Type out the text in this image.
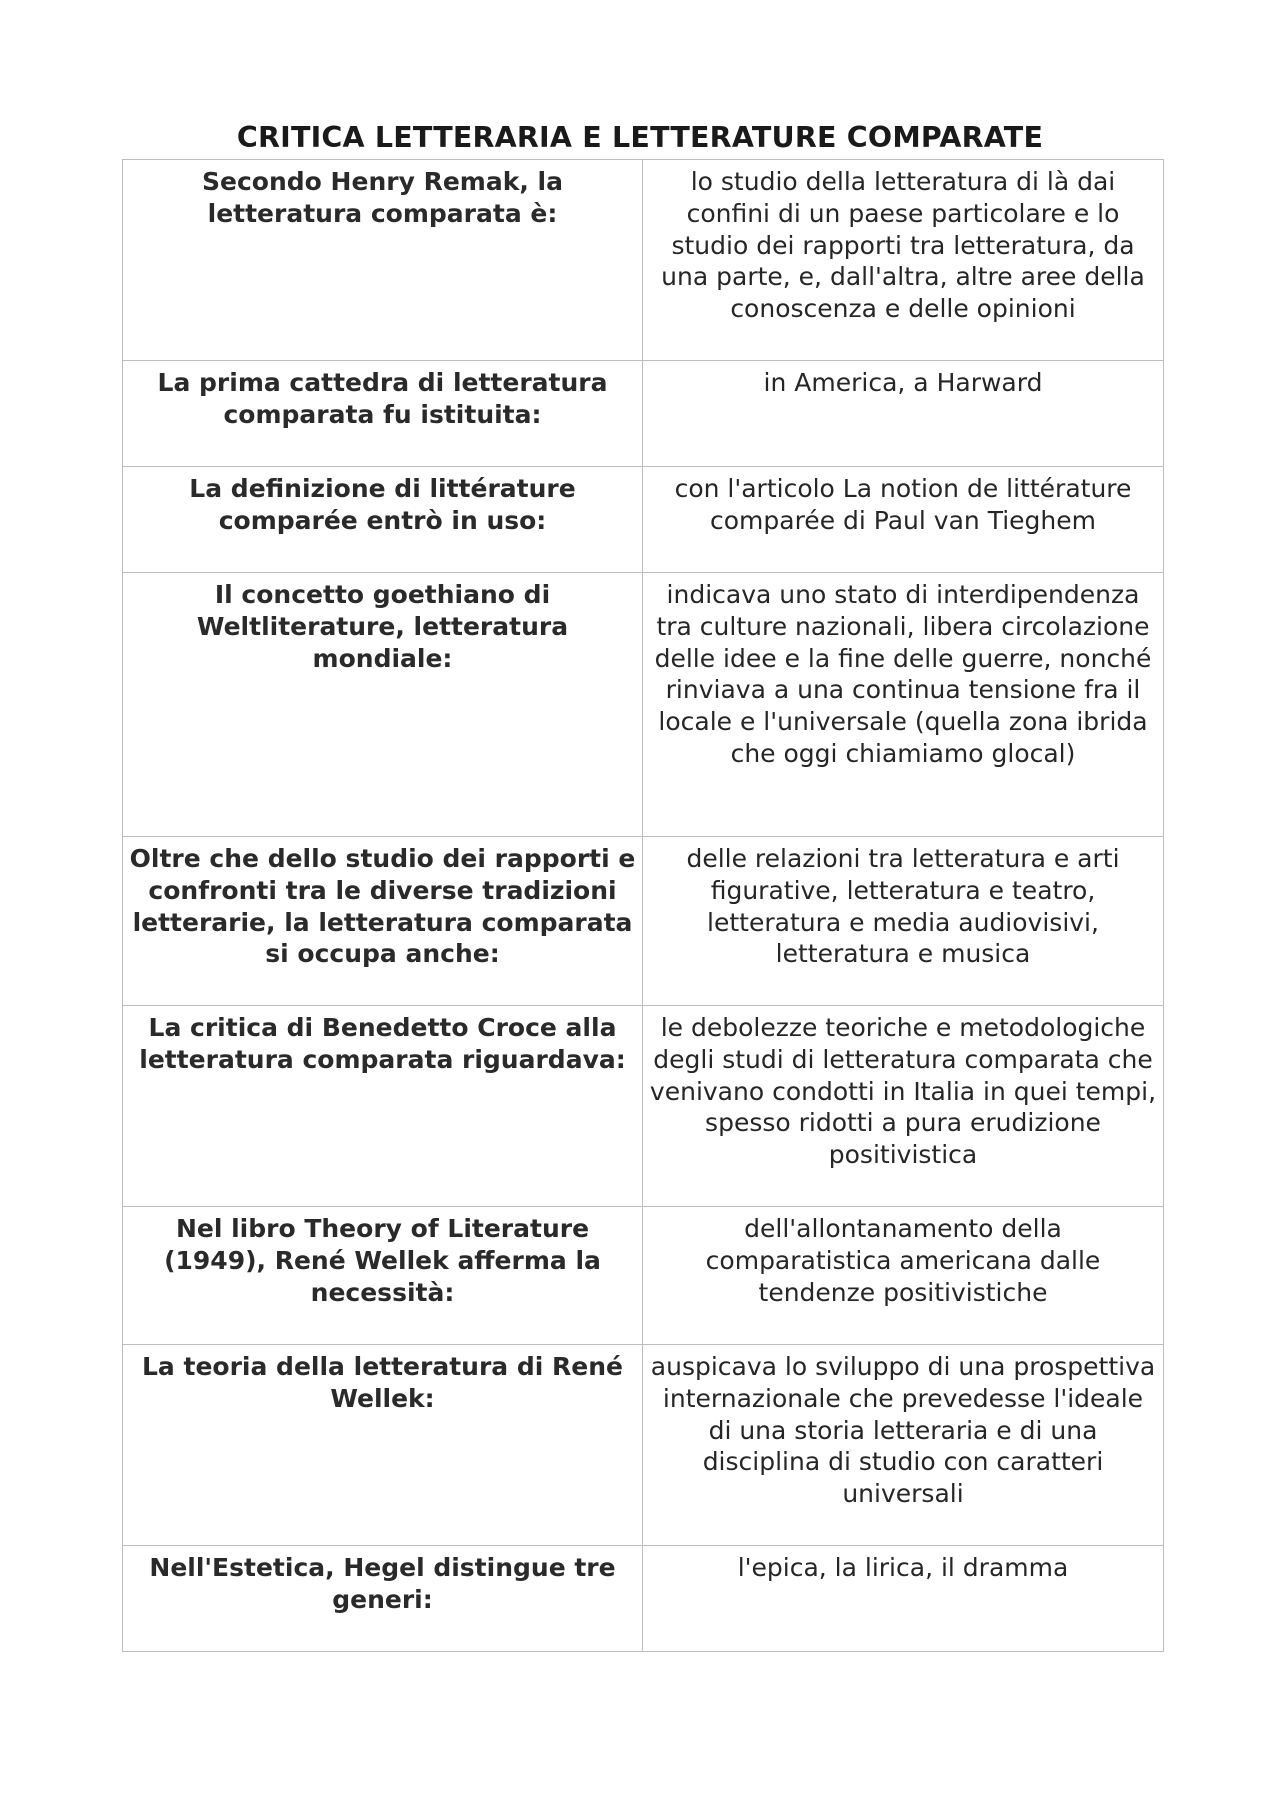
CRITICA LETTERARIA E LETTERATURE COMPARATE
Secondo Henry Remak, la letteratura comparata è:	lo studio della letteratura di là dai confini di un paese particolare e lo studio dei rapporti tra letteratura, da una parte, e, dall'altra, altre aree della conoscenza e delle opinioni
La prima cattedra di letteratura comparata fu istituita:	in America, a Harward
La definizione di littérature comparée entrò in uso:	con l'articolo La notion de littérature comparée di Paul van Tieghem
Il concetto goethiano di Weltliterature, letteratura mondiale:	indicava uno stato di interdipendenza tra culture nazionali, libera circolazione delle idee e la fine delle guerre, nonché rinviava a una continua tensione fra il locale e l'universale (quella zona ibrida che oggi chiamiamo glocal)
Oltre che dello studio dei rapporti e confronti tra le diverse tradizioni letterarie, la letteratura comparata si occupa anche:	delle relazioni tra letteratura e arti figurative, letteratura e teatro, letteratura e media audiovisivi, letteratura e musica
La critica di Benedetto Croce alla letteratura comparata riguardava:	le debolezze teoriche e metodologiche degli studi di letteratura comparata che venivano condotti in Italia in quei tempi, spesso ridotti a pura erudizione positivistica
Nel libro Theory of Literature (1949), René Wellek afferma la necessità:	dell'allontanamento della comparatistica americana dalle tendenze positivistiche
La teoria della letteratura di René Wellek:	auspicava lo sviluppo di una prospettiva internazionale che prevedesse l'ideale di una storia letteraria e di una disciplina di studio con caratteri universali
Nell'Estetica, Hegel distingue tre generi:	l'epica, la lirica, il dramma
